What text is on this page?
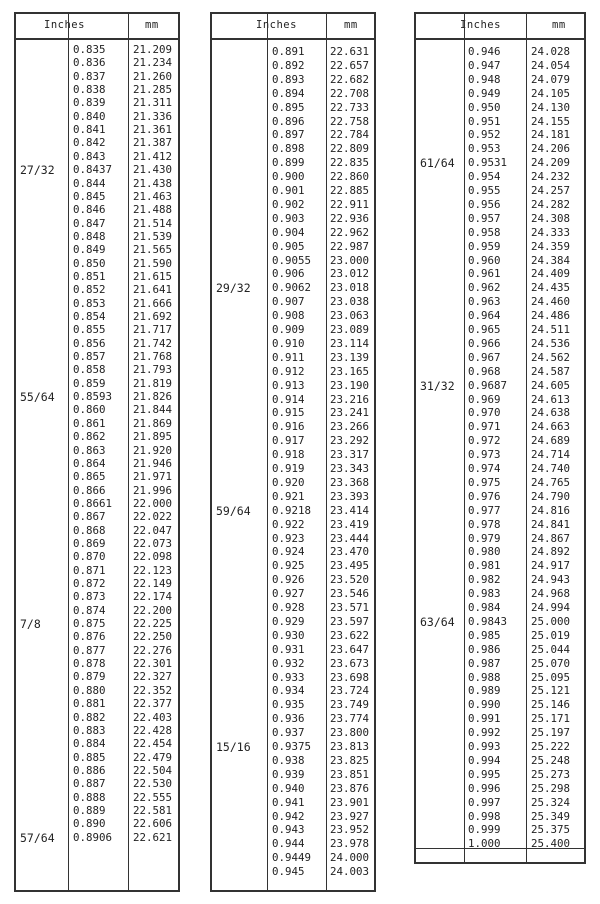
Inches	mm
0.835	21.209
0.836	21.234
0.837	21.260
0.838	21.285
0.839	21.311
0.840	21.336
0.841	21.361
0.842	21.387
0.843	21.412
27/32 0.8437 21.430
0.844	21.438
0.845	21.463
0.846	21.488
0.847	21.514
0.848	21.539
0.849	21.565
0.850	21.590
0.851	21.615
0.852	21.641
0.853	21.666
0.854	21.692
0.855	21.717
0.856	21.742
0.857	21.768
0.858	21.793
0.859	21.819
55/64 0.8593 21.826
0.860	21.844
0.861	21.869
0.862	21.895
0.863	21.920
0.864	21.946
0.865	21.971
0.866	21.996
0.8661 22.000
0.867	22.022
0.868	22.047
0.869	22.073
0.870	22.098
0.871	22.123
0.872	22.149
0.873	22.174
0.874	22.200
7/8	0.875	22.225
0.876	22.250
0.877	22.276
0.878	22.301
0.879	22.327
0.880	22.352
0.881	22.377
0.882	22.403
0.883	22.428
0.884	22.454
0.885	22.479
0.886	22.504
0.887	22.530
0.888	22.555
0.889	22.581
0.890	22.606
57/64 0.8906 22.621
Inches	mm
0.891 22.631
0.892 22.657
0.893 22.682
0.894 22.708
0.895 22.733
0.896 22.758
0.897 22.784
0.898 22.809
0.899 22.835
0.900 22.860
0.901 22.885
0.902 22.911
0.903 22.936
0.904 22.962
0.905 22.987
0.9055 23.000
0.906 23.012
29/32 0.9062 23.018
0.907 23.038
0.908 23.063
0.909 23.089
0.910 23.114
0.911 23.139
0.912 23.165
0.913 23.190
0.914 23.216
0.915 23.241
0.916 23.266
0.917 23.292
0.918 23.317
0.919 23.343
0.920 23.368
0.921 23.393
59/64 0.9218 23.414
0.922 23.419
0.923 23.444
0.924 23.470
0.925 23.495
0.926 23.520
0.927 23.546
0.928 23.571
0.929 23.597
0.930 23.622
0.931 23.647
0.932 23.673
0.933 23.698
0.934 23.724
0.935 23.749
0.936 23.774
0.937 23.800
15/16 0.9375 23.813
0.938 23.825
0.939 23.851
0.940 23.876
0.941 23.901
0.942 23.927
0.943 23.952
0.944 23.978
0.9449 24.000
0.945 24.003
Inches	mm
0.946	24.028
0.947	24.054
0.948	24.079
0.949	24.105
0.950	24.130
0.951	24.155
0.952	24.181
0.953	24.206
61/64 0.9531 24.209
0.954	24.232
0.955	24.257
0.956	24.282
0.957	24.308
0.958	24.333
0.959	24.359
0.960	24.384
0.961	24.409
0.962	24.435
0.963	24.460
0.964	24.486
0.965	24.511
0.966	24.536
0.967	24.562
0.968	24.587
31/32 0.9687 24.605
0.969	24.613
0.970	24.638
0.971	24.663
0.972	24.689
0.973	24.714
0.974	24.740
0.975	24.765
0.976	24.790
0.977	24.816
0.978	24.841
0.979	24.867
0.980	24.892
0.981	24.917
0.982	24.943
0.983	24.968
0.984	24.994
63/64 0.9843 25.000
0.985	25.019
0.986	25.044
0.987	25.070
0.988	25.095
0.989	25.121
0.990	25.146
0.991	25.171
0.992	25.197
0.993	25.222
0.994	25.248
0.995	25.273
0.996	25.298
0.997	25.324
0.998	25.349
0.999	25.375
1.000	25.400
